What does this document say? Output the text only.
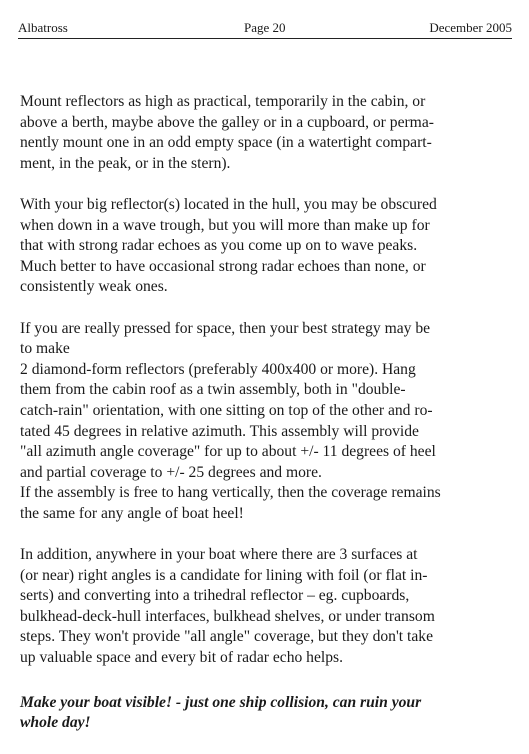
Albatross	Page 20	December 2005

Mount reflectors as high as practical, temporarily in the cabin, or
above a berth, maybe above the galley or in a cupboard, or perma-
nently mount one in an odd empty space (in a watertight compart-
ment, in the peak, or in the stern).

With your big reflector(s) located in the hull, you may be obscured
when down in a wave trough, but you will more than make up for
that with strong radar echoes as you come up on to wave peaks.
Much better to have occasional strong radar echoes than none, or
consistently weak ones.

If you are really pressed for space, then your best strategy may be
to make
2 diamond-form reflectors (preferably 400x400 or more). Hang
them from the cabin roof as a twin assembly, both in "double-
catch-rain" orientation, with one sitting on top of the other and ro-
tated 45 degrees in relative azimuth. This assembly will provide
"all azimuth angle coverage" for up to about +/- 11 degrees of heel
and partial coverage to +/- 25 degrees and more.
If the assembly is free to hang vertically, then the coverage remains
the same for any angle of boat heel!

In addition, anywhere in your boat where there are 3 surfaces at
(or near) right angles is a candidate for lining with foil (or flat in-
serts) and converting into a trihedral reflector – eg. cupboards,
bulkhead-deck-hull interfaces, bulkhead shelves, or under transom
steps. They won't provide "all angle" coverage, but they don't take
up valuable space and every bit of radar echo helps.

Make your boat visible! - just one ship collision, can ruin your
whole day!
